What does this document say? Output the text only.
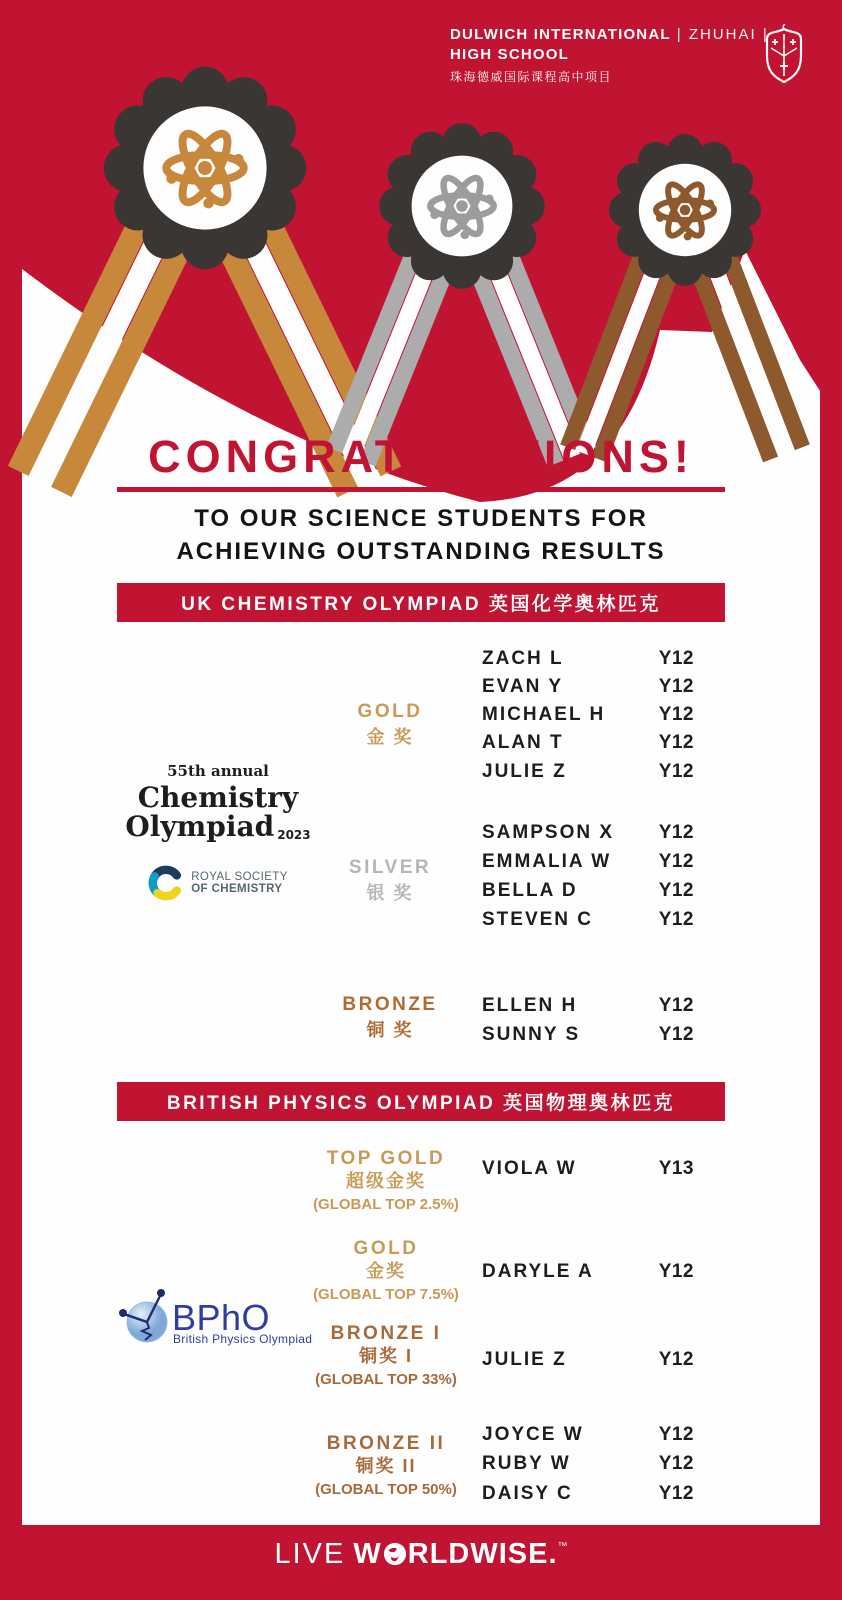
DULWICH INTERNATIONAL | ZHUHAI |
HIGH SCHOOL
珠海德威国际课程高中项目
CONGRATULATIONS!
TO OUR SCIENCE STUDENTS FOR
ACHIEVING OUTSTANDING RESULTS
UK CHEMISTRY OLYMPIAD 英国化学奥林匹克
55th annual
Chemistry
Olympiad 2023
ROYAL SOCIETY
OF CHEMISTRY
GOLD
金 奖
ZACH L	Y12
EVAN Y	Y12
MICHAEL H	Y12
ALAN T	Y12
JULIE Z	Y12
SILVER
银 奖
SAMPSON X Y12
EMMALIA W	Y12
BELLA D	Y12
STEVEN C	Y12
BRONZE
铜 奖
ELLEN H	Y12
SUNNY S	Y12
BRITISH PHYSICS OLYMPIAD 英国物理奥林匹克
BPhO
British Physics Olympiad
TOP GOLD
超级金奖
(GLOBAL TOP 2.5%)
VIOLA W	Y13
GOLD
金奖
(GLOBAL TOP 7.5%)
DARYLE A	Y12
BRONZE I
铜奖 I
(GLOBAL TOP 33%)
JULIE Z	Y12
BRONZE II
铜奖 II
(GLOBAL TOP 50%)
JOYCE W	Y12
RUBY W	Y12
DAISY C	Y12
LIVE W RLDWISE.™
